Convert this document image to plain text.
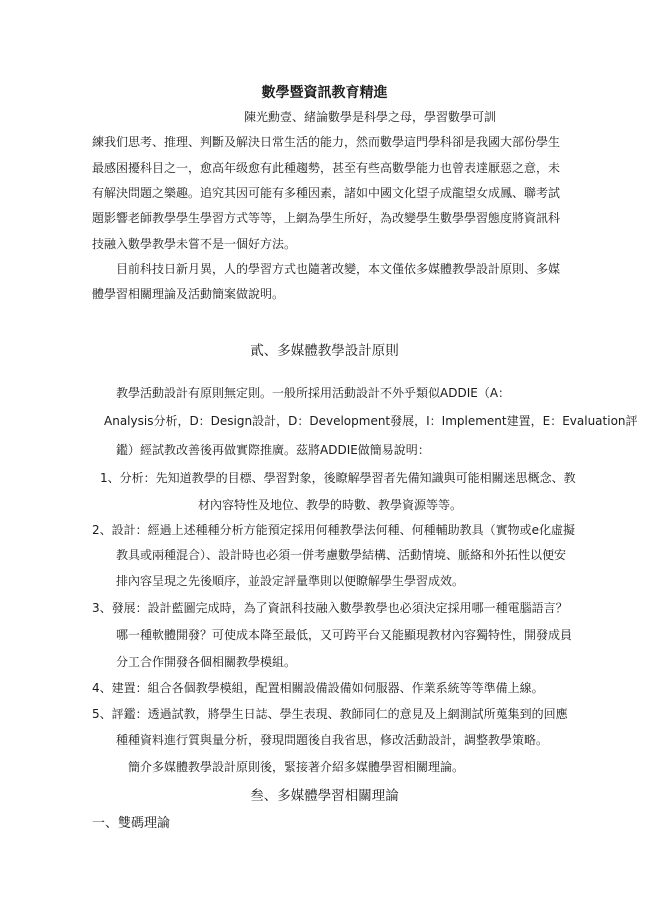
數學暨資訊教育精進

陳光勳壹、緒論數學是科學之母，學習數學可訓

練我们思考、推理、判斷及解決日常生活的能力，然而數學這門學科卻是我國大部份學生

最感困擾科目之一，愈高年级愈有此種趨勢，甚至有些高數學能力也曾表達厭惡之意，未

有解決問題之樂趣。追究其因可能有多種因素，諸如中國文化望子成龍望女成鳳、聯考試

題影響老師教學學生學習方式等等，上網為學生所好，為改變學生數學學習態度將資訊科

技融入數學教學未嘗不是一個好方法。

目前科技日新月異，人的學習方式也隨著改變，本文僅依多媒體教學設計原則、多媒

體學習相關理論及活動簡案做說明。

貳、多媒體教學設計原則

教學活動設計有原則無定則。一般所採用活動設計不外乎類似ADDIE（A：

Analysis分析，D：Design設計，D：Development發展，I：Implement建置，E：Evaluation評

鑑）經試教改善後再做實際推廣。茲將ADDIE做簡易說明：

1、分析：先知道教學的目標、學習對象，後瞭解學習者先備知識與可能相關迷思概念、教

材內容特性及地位、教學的時數、教學資源等等。

2、設計：經過上述種種分析方能預定採用何種教學法何種、何種輔助教具（實物或e化虛擬

教具或兩種混合）、設計時也必須一併考慮數學結構、活動情境、脈絡和外拓性以便安

排內容呈現之先後順序，並設定評量準則以便瞭解學生學習成效。

3、發展：設計藍圖完成時，為了資訊科技融入數學教學也必須決定採用哪一種電腦語言？

哪一種軟體開發？可使成本降至最低，又可跨平台又能顯現教材內容獨特性，開發成員

分工合作開發各個相關教學模組。

4、建置：組合各個教學模組，配置相關設備設備如伺服器、作業系統等等準備上線。

5、評鑑：透過試教，將學生日誌、學生表現、教師同仁的意見及上網測試所蒐集到的回應

種種資料進行質與量分析，發現問題後自我省思，修改活動設計，調整教學策略。

簡介多媒體教學設計原則後，緊接著介紹多媒體學習相關理論。

叁、多媒體學習相關理論
一、雙碼理論
